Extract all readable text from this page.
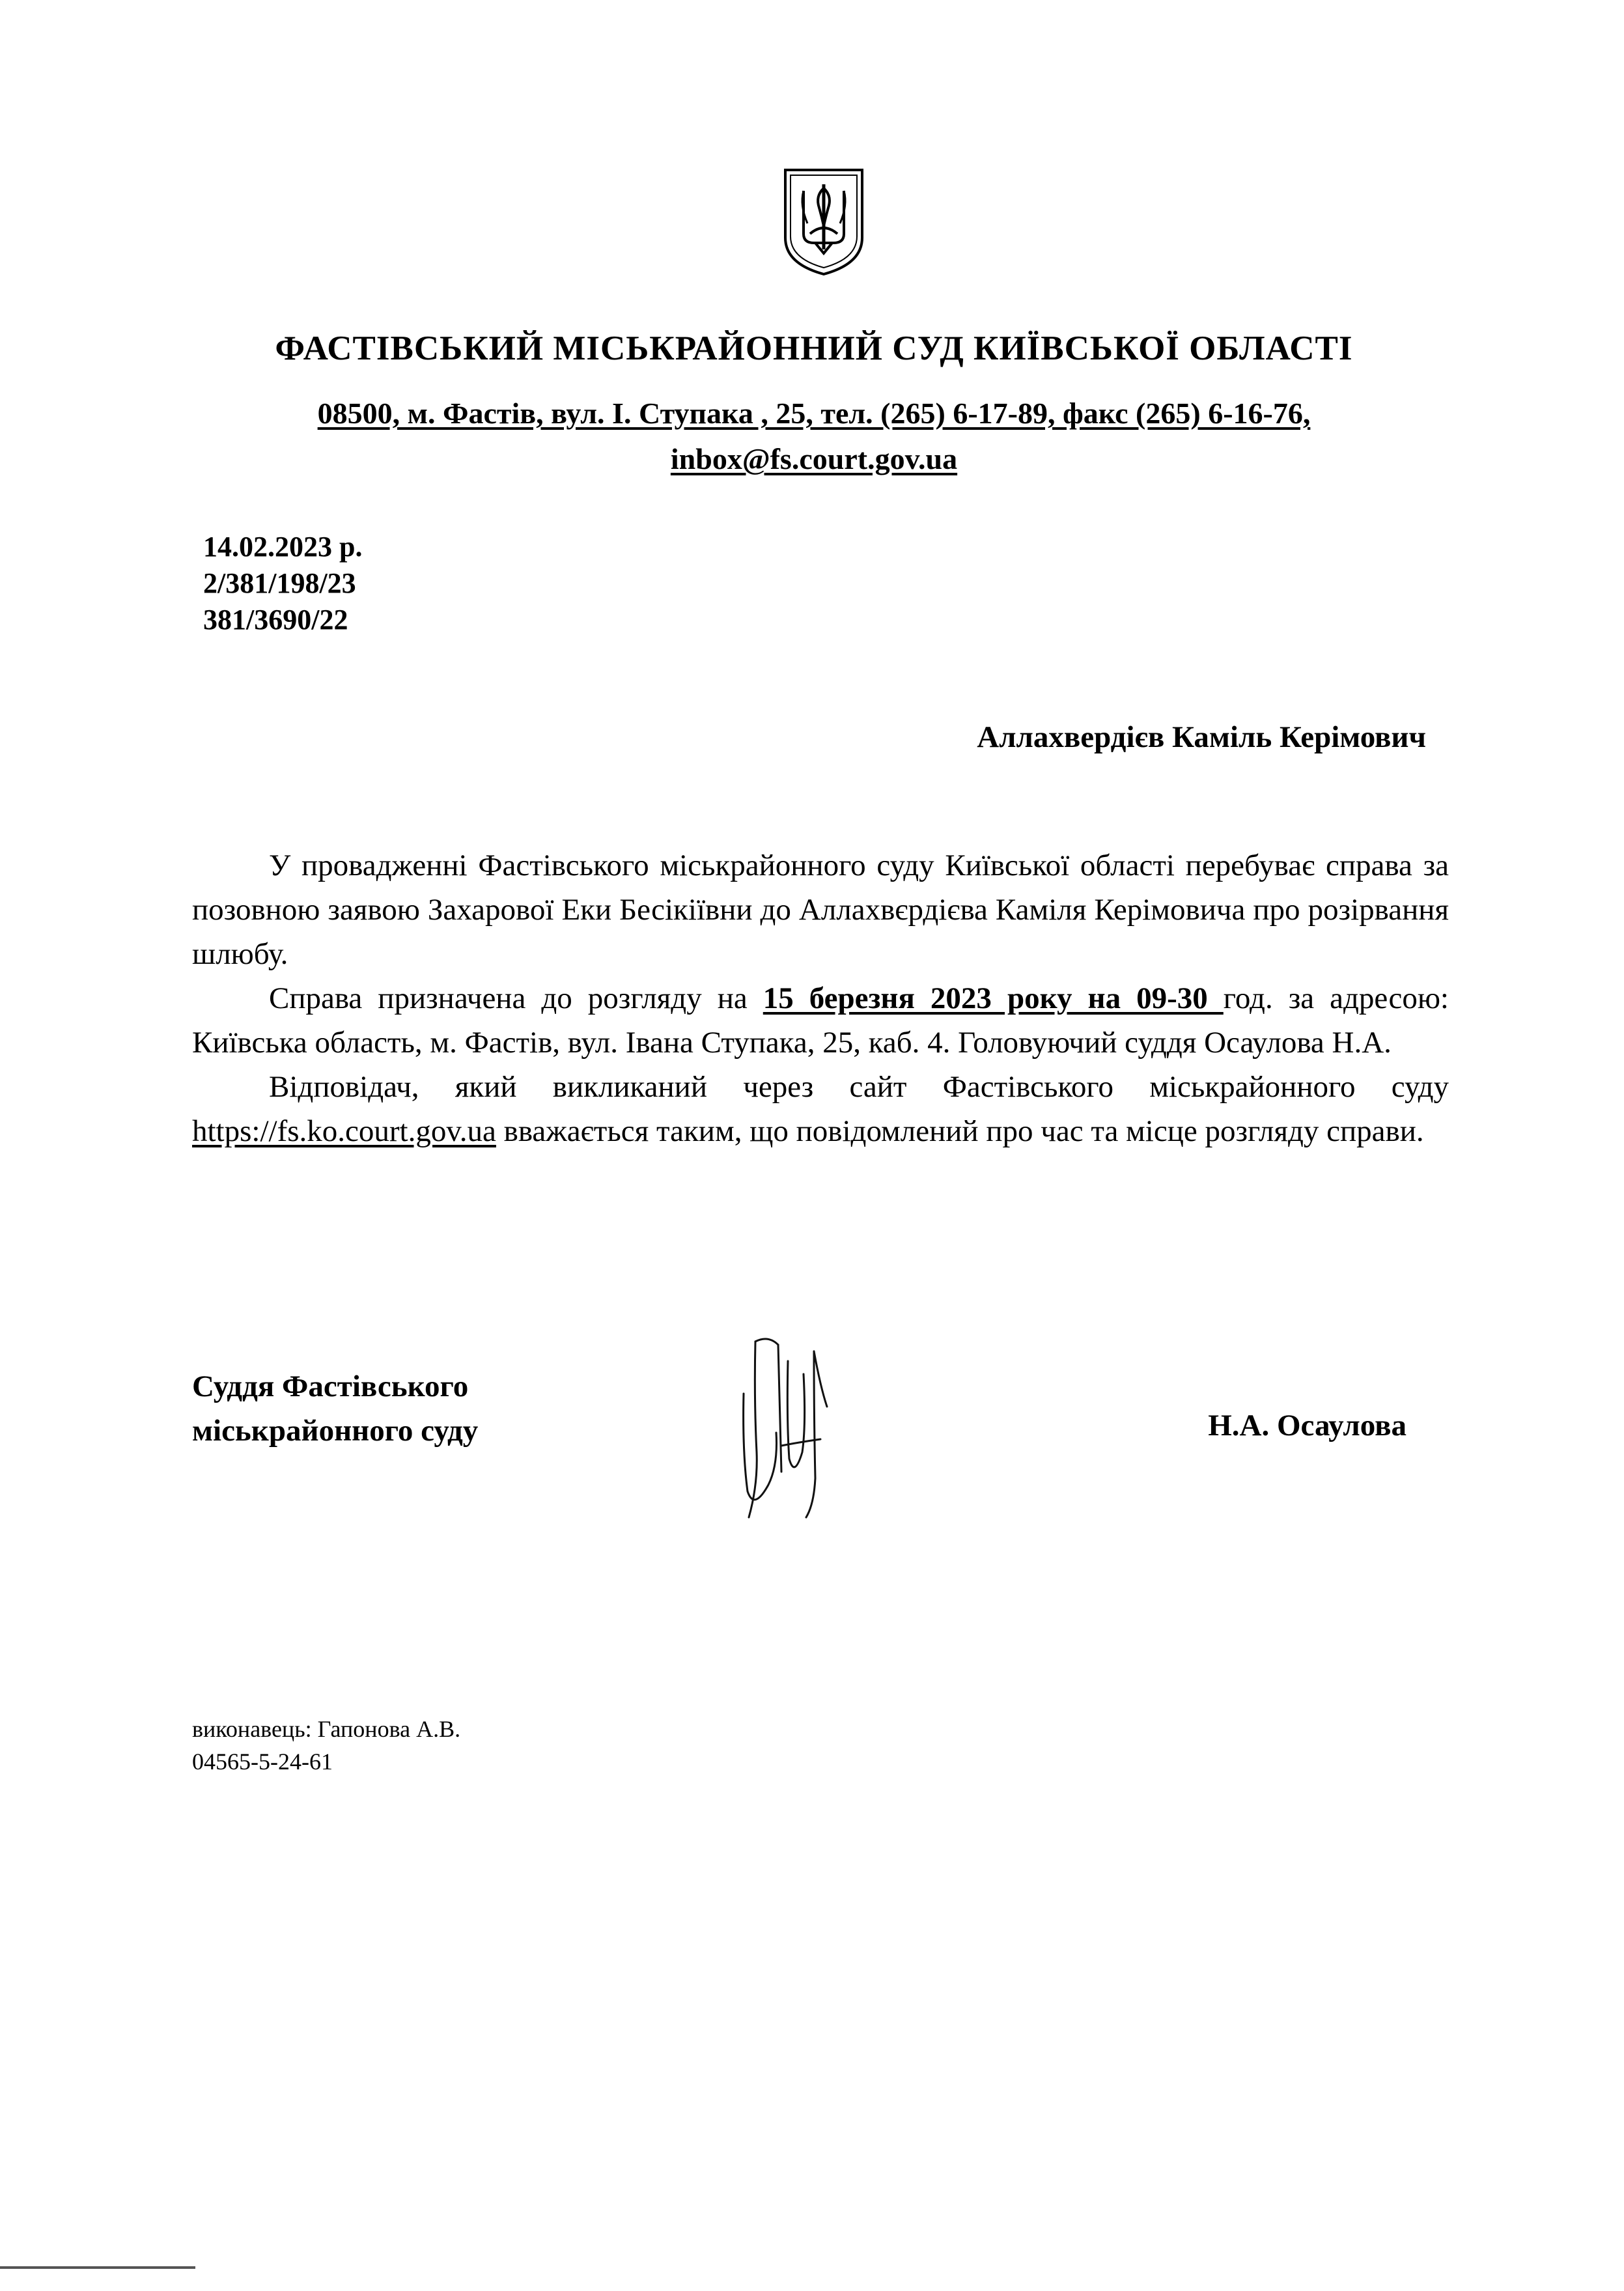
ФАСТІВСЬКИЙ МІСЬКРАЙОННИЙ СУД КИЇВСЬКОЇ ОБЛАСТІ
08500, м. Фастів, вул. І. Ступака , 25, тел. (265) 6-17-89, факс (265) 6-16-76,
inbox@fs.court.gov.ua
14.02.2023 р.
2/381/198/23
381/3690/22
Аллахвердієв Каміль Керімович

У провадженні Фастівського міськрайонного суду Київської області перебуває справа за позовною заявою Захарової Еки Бесікіївни до Аллахвєрдієва Каміля Керімовича про розірвання шлюбу.

Справа призначена до розгляду на 15 березня 2023 року на 09-30 год. за адресою: Київська область, м. Фастів, вул. Івана Ступака, 25, каб. 4. Головуючий суддя Осаулова Н.А.

Відповідач, який викликаний через сайт Фастівського міськрайонного суду https://fs.ko.court.gov.ua вважається таким, що повідомлений про час та місце розгляду справи.

Суддя Фастівського
міськрайонного суду	Н.А. Осаулова
виконавець: Гапонова А.В.
04565-5-24-61
